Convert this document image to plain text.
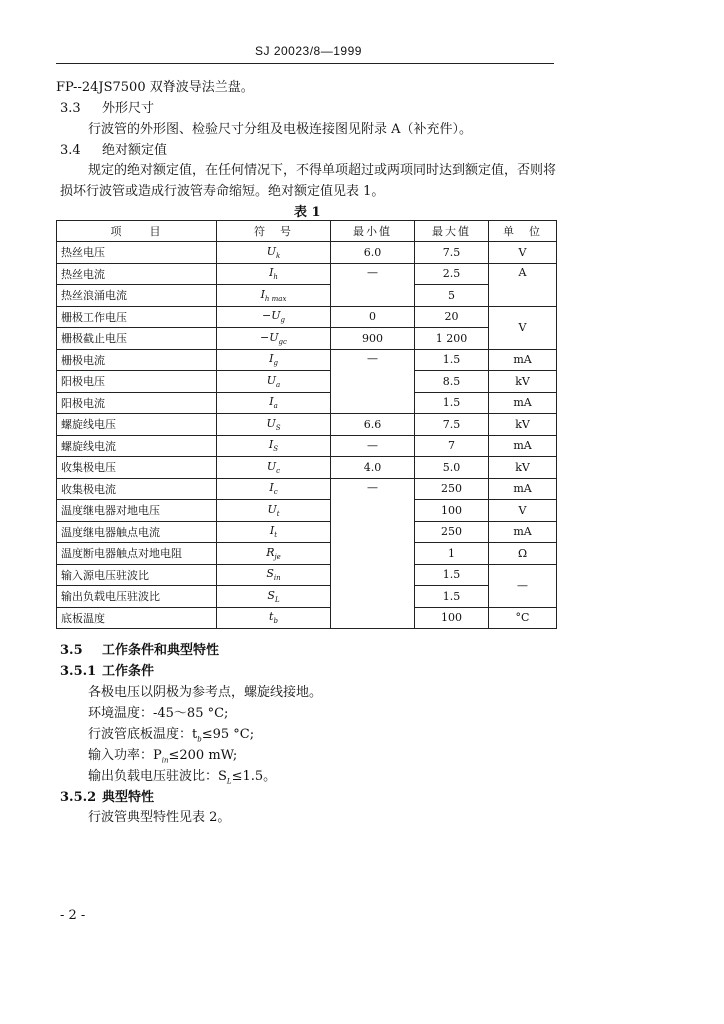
SJ 20023/8—1999
FP--24JS7500 双脊波导法兰盘。
3.3 外形尺寸
行波管的外形图、检验尺寸分组及电极连接图见附录 A（补充件）。
3.4 绝对额定值
规定的绝对额定值，在任何情况下，不得单项超过或两项同时达到额定值，否则将
损坏行波管或造成行波管寿命缩短。绝对额定值见表 1。
表 1
项　　目	符　号	最小值	最大值	单　位
热丝电压	$U_k$	6.0	7.5	V
热丝电流	$I_h$	—	2.5	A
热丝浪涌电流	$I_{h max}$		5	
栅极工作电压	$-U_g$	0	20	V
栅极截止电压	$-U_{gc}$	900	1 200	
栅极电流	$I_g$	—	1.5	mA
阳极电压	$U_a$		8.5	kV
阳极电流	$I_a$		1.5	mA
螺旋线电压	$U_S$	6.6	7.5	kV
螺旋线电流	$I_S$	—	7	mA
收集极电压	$U_c$	4.0	5.0	kV
收集极电流	$I_c$	—	250	mA
温度继电器对地电压	$U_t$		100	V
温度继电器触点电流	$I_t$		250	mA
温度断电器触点对地电阻	$R_{je}$		1	Ω
输入源电压驻波比	$S_{in}$		1.5	—
输出负载电压驻波比	$S_L$		1.5	
底板温度	$t_b$		100	°C
3.5 工作条件和典型特性
3.5.1 工作条件
各极电压以阴极为参考点，螺旋线接地。
环境温度：-45～85 °C;
行波管底板温度：$t_b\le 95$ °C;
输入功率：$P_{in}\le 200$ mW;
输出负载电压驻波比：$S_L\le 1.5$。
3.5.2 典型特性
行波管典型特性见表 2。
- 2 -
